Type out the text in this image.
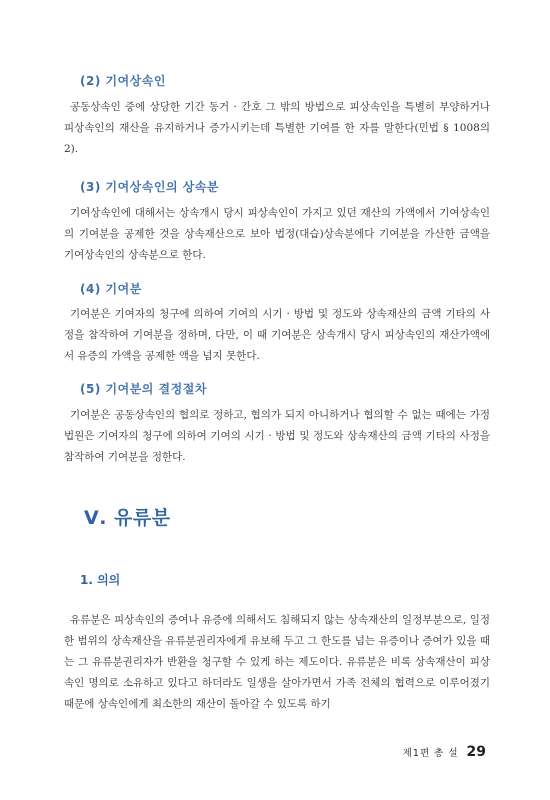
(2) 기여상속인

공동상속인 중에 상당한 기간 동거 · 간호 그 밖의 방법으로 피상속인을 특별히 부양하거나 피상속인의 재산을 유지하거나 증가시키는데 특별한 기여를 한 자를 말한다(민법 § 1008의2).

(3) 기여상속인의 상속분

기여상속인에 대해서는 상속개시 당시 피상속인이 가지고 있던 재산의 가액에서 기여상속인의 기여분을 공제한 것을 상속재산으로 보아 법정(대습)상속분에다 기여분을 가산한 금액을 기여상속인의 상속분으로 한다.

(4) 기여분

기여분은 기여자의 청구에 의하여 기여의 시기 · 방법 및 정도와 상속재산의 금액 기타의 사정을 참작하여 기여분을 정하며, 다만, 이 때 기여분은 상속개시 당시 피상속인의 재산가액에서 유증의 가액을 공제한 액을 넘지 못한다.

(5) 기여분의 결정절차

기여분은 공동상속인의 협의로 정하고, 협의가 되지 아니하거나 협의할 수 없는 때에는 가정법원은 기여자의 청구에 의하여 기여의 시기 · 방법 및 정도와 상속재산의 금액 기타의 사정을 참작하여 기여분을 정한다.

Ⅴ. 유류분
1. 의의

유류분은 피상속인의 증여나 유증에 의해서도 침해되지 않는 상속재산의 일정부분으로, 일정한 범위의 상속재산을 유류분권리자에게 유보해 두고 그 한도를 넘는 유증이나 증여가 있을 때는 그 유류분권리자가 반환을 청구할 수 있게 하는 제도이다. 유류분은 비록 상속재산이 피상속인 명의로 소유하고 있다고 하더라도 일생을 살아가면서 가족 전체의 협력으로 이루어졌기 때문에 상속인에게 최소한의 재산이 돌아갈 수 있도록 하기

제1편 총 설 29
